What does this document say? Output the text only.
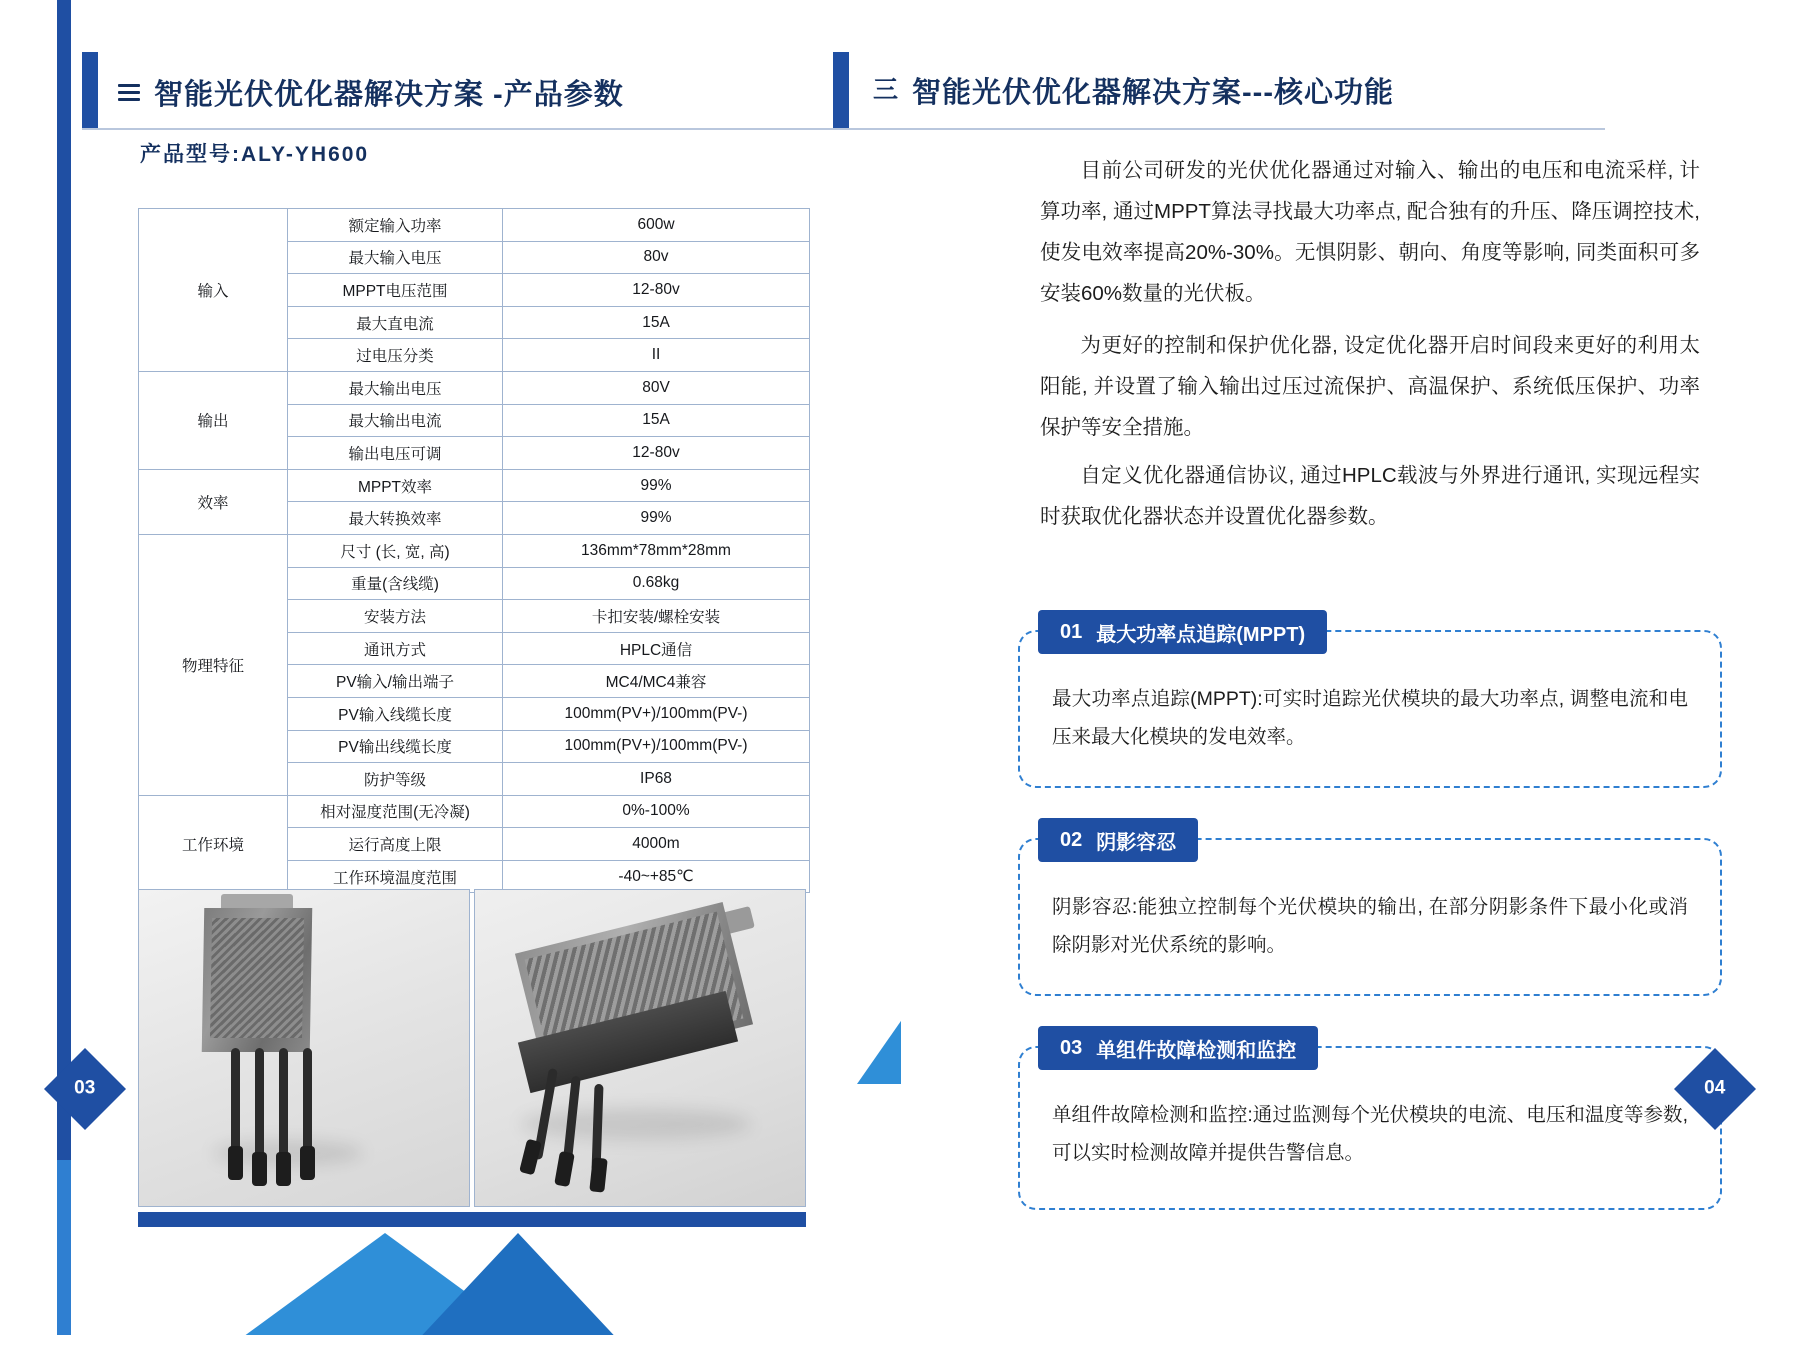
智能光伏优化器解决方案 -产品参数
产品型号:ALY-YH600
输入	额定输入功率	600w
	最大输入电压	80v
	MPPT电压范围	12-80v
	最大直电流	15A
	过电压分类	II
输出	最大输出电压	80V
	最大输出电流	15A
	输出电压可调	12-80v
效率	MPPT效率	99%
	最大转换效率	99%
物理特征	尺寸 (长, 宽, 高)	136mm*78mm*28mm
	重量(含线缆)	0.68kg
	安装方法	卡扣安装/螺栓安装
	通讯方式	HPLC通信
	PV输入/输出端子	MC4/MC4兼容
	PV输入线缆长度	100mm(PV+)/100mm(PV-)
	PV输出线缆长度	100mm(PV+)/100mm(PV-)
	防护等级	IP68
工作环境	相对湿度范围(无冷凝)	0%-100%
	运行高度上限	4000m
	工作环境温度范围	-40~+85℃
03
三 智能光伏优化器解决方案---核心功能
目前公司研发的光伏优化器通过对输入、输出的电压和电流采样, 计算功率, 通过MPPT算法寻找最大功率点, 配合独有的升压、降压调控技术, 使发电效率提高20%-30%。无惧阴影、朝向、角度等影响, 同类面积可多安装60%数量的光伏板。
为更好的控制和保护优化器, 设定优化器开启时间段来更好的利用太阳能, 并设置了输入输出过压过流保护、高温保护、系统低压保护、功率保护等安全措施。
自定义优化器通信协议, 通过HPLC载波与外界进行通讯, 实现远程实时获取优化器状态并设置优化器参数。
01 最大功率点追踪(MPPT)
最大功率点追踪(MPPT):可实时追踪光伏模块的最大功率点, 调整电流和电压来最大化模块的发电效率。
02 阴影容忍
阴影容忍:能独立控制每个光伏模块的输出, 在部分阴影条件下最小化或消除阴影对光伏系统的影响。
03 单组件故障检测和监控
单组件故障检测和监控:通过监测每个光伏模块的电流、电压和温度等参数, 可以实时检测故障并提供告警信息。
04
